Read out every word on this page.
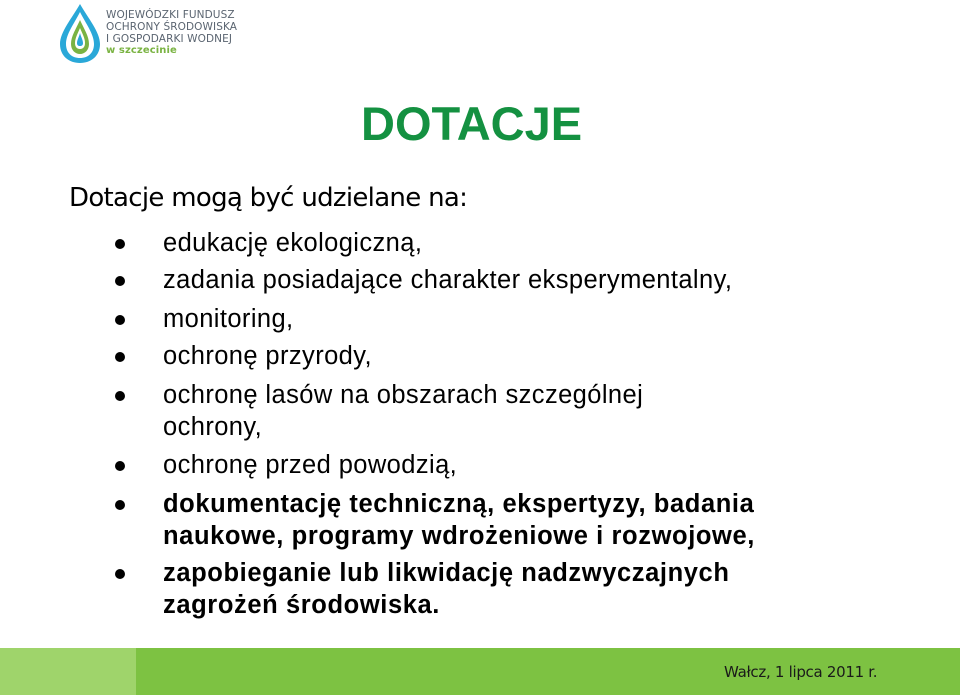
WOJEWÓDZKI FUNDUSZ
OCHRONY ŚRODOWISKA
I GOSPODARKI WODNEJ
w szczecinie
DOTACJE
Dotacje mogą być udzielane na:
edukację ekologiczną,
zadania posiadające charakter eksperymentalny,
monitoring,
ochronę przyrody,
ochronę lasów na obszarach szczególnej
ochrony,
ochronę przed powodzią,
dokumentację techniczną, ekspertyzy, badania
naukowe, programy wdrożeniowe i rozwojowe,
zapobieganie lub likwidację nadzwyczajnych
zagrożeń środowiska.
Wałcz, 1 lipca 2011 r.
